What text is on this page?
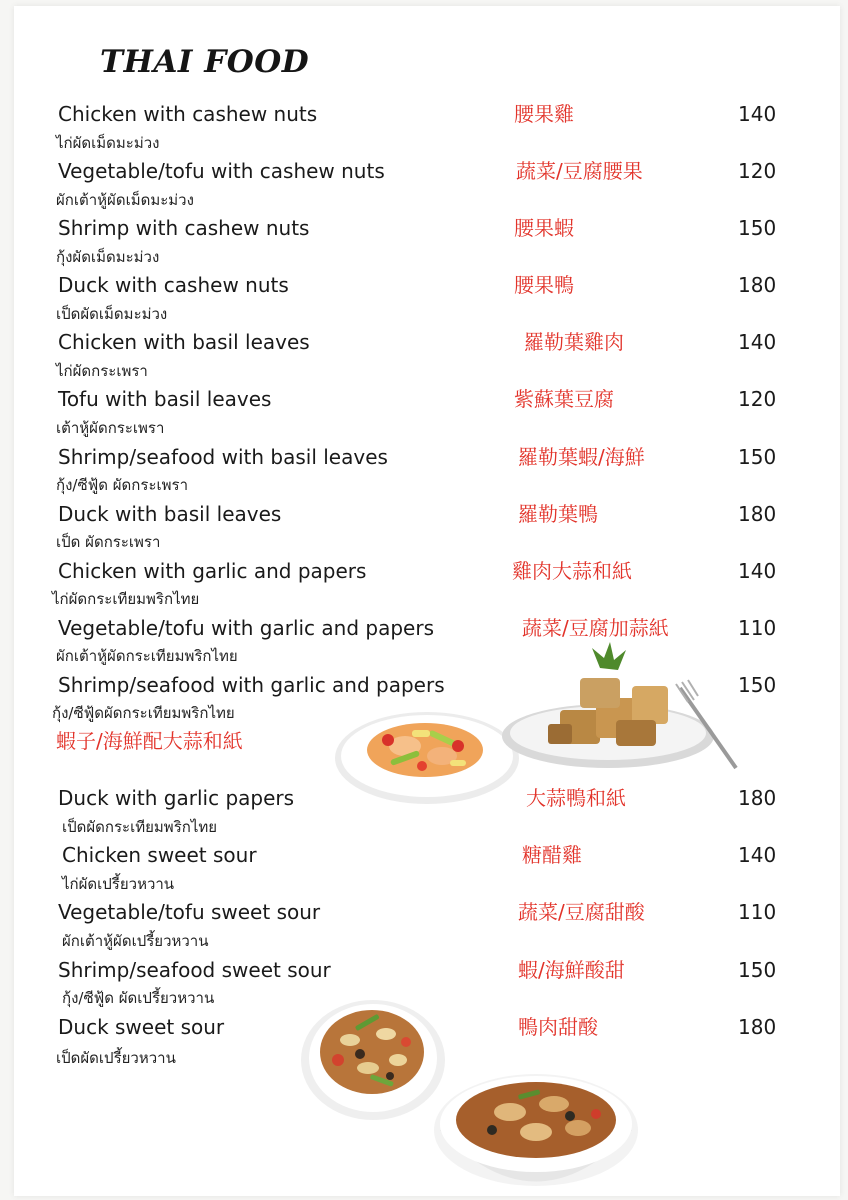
THAI FOOD
Chicken with cashew nuts	腰果雞	140
ไก่ผัดเม็ดมะม่วง
Vegetable/tofu with cashew nuts	蔬菜/豆腐腰果	120
ผักเต้าหู้ผัดเม็ดมะม่วง
Shrimp with cashew nuts	腰果蝦	150
กุ้งผัดเม็ดมะม่วง
Duck with cashew nuts	腰果鴨	180
เป็ดผัดเม็ดมะม่วง
Chicken with basil leaves	羅勒葉雞肉	140
ไก่ผัดกระเพรา
Tofu with basil leaves	紫蘇葉豆腐	120
เต้าหู้ผัดกระเพรา
Shrimp/seafood with basil leaves	羅勒葉蝦/海鮮	150
กุ้ง/ซีฟู้ด ผัดกระเพรา
Duck with basil leaves	羅勒葉鴨	180
เป็ด ผัดกระเพรา
Chicken with garlic and papers	雞肉大蒜和紙	140
ไก่ผัดกระเทียมพริกไทย
Vegetable/tofu with garlic and papers	蔬菜/豆腐加蒜紙	110
ผักเต้าหู้ผัดกระเทียมพริกไทย
Shrimp/seafood with garlic and papers	150
กุ้ง/ซีฟู้ดผัดกระเทียมพริกไทย
蝦子/海鮮配大蒜和紙
Duck with garlic papers	大蒜鴨和紙	180
เป็ดผัดกระเทียมพริกไทย
Chicken sweet sour	糖醋雞	140
ไก่ผัดเปรี้ยวหวาน
Vegetable/tofu sweet sour	蔬菜/豆腐甜酸	110
ผักเต้าหู้ผัดเปรี้ยวหวาน
Shrimp/seafood sweet sour	蝦/海鮮酸甜	150
กุ้ง/ซีฟู้ด ผัดเปรี้ยวหวาน
Duck sweet sour	鴨肉甜酸	180
เป็ดผัดเปรี้ยวหวาน
